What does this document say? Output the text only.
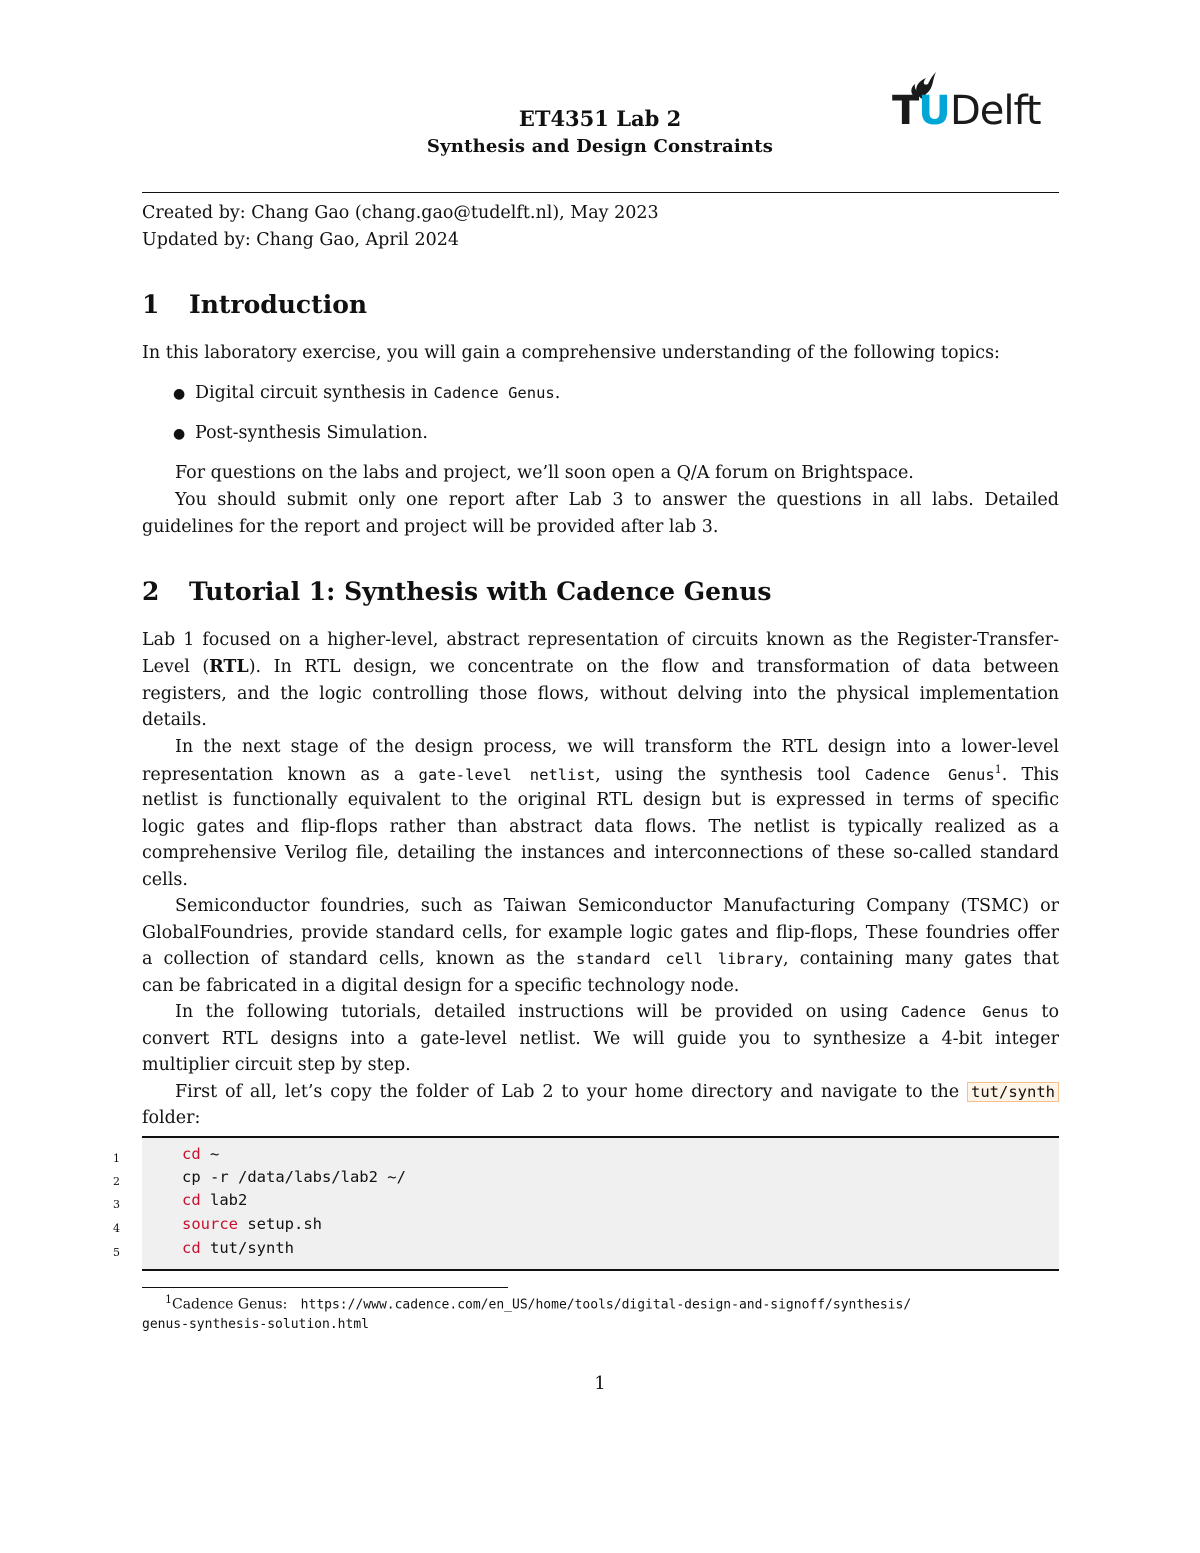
ET4351 Lab 2
Synthesis and Design Constraints
TU Delft
Created by: Chang Gao (chang.gao@tudelft.nl), May 2023
Updated by: Chang Gao, April 2024
1 Introduction
In this laboratory exercise, you will gain a comprehensive understanding of the following topics:
● Digital circuit synthesis in Cadence Genus.
● Post-synthesis Simulation.
For questions on the labs and project, we’ll soon open a Q/A forum on Brightspace.
You should submit only one report after Lab 3 to answer the questions in all labs. Detailed
guidelines for the report and project will be provided after lab 3.
2 Tutorial 1: Synthesis with Cadence Genus
Lab 1 focused on a higher-level, abstract representation of circuits known as the Register-Transfer-
Level (RTL). In RTL design, we concentrate on the flow and transformation of data between
registers, and the logic controlling those flows, without delving into the physical implementation
details.
In the next stage of the design process, we will transform the RTL design into a lower-level
representation known as a gate-level netlist, using the synthesis tool Cadence Genus$^1$. This
netlist is functionally equivalent to the original RTL design but is expressed in terms of specific
logic gates and flip-flops rather than abstract data flows. The netlist is typically realized as a
comprehensive Verilog file, detailing the instances and interconnections of these so-called standard
cells.
Semiconductor foundries, such as Taiwan Semiconductor Manufacturing Company (TSMC) or
GlobalFoundries, provide standard cells, for example logic gates and flip-flops, These foundries offer
a collection of standard cells, known as the standard cell library, containing many gates that
can be fabricated in a digital design for a specific technology node.
In the following tutorials, detailed instructions will be provided on using Cadence Genus to
convert RTL designs into a gate-level netlist. We will guide you to synthesize a 4-bit integer
multiplier circuit step by step.
First of all, let’s copy the folder of Lab 2 to your home directory and navigate to the tut/synth
folder:
1
2
3
4
5
cd ~
cp -r /data/labs/lab2 ~/
cd lab2
source setup.sh
cd tut/synth
$^1$Cadence Genus: https://www.cadence.com/en_US/home/tools/digital-design-and-signoff/synthesis/
genus-synthesis-solution.html
1
